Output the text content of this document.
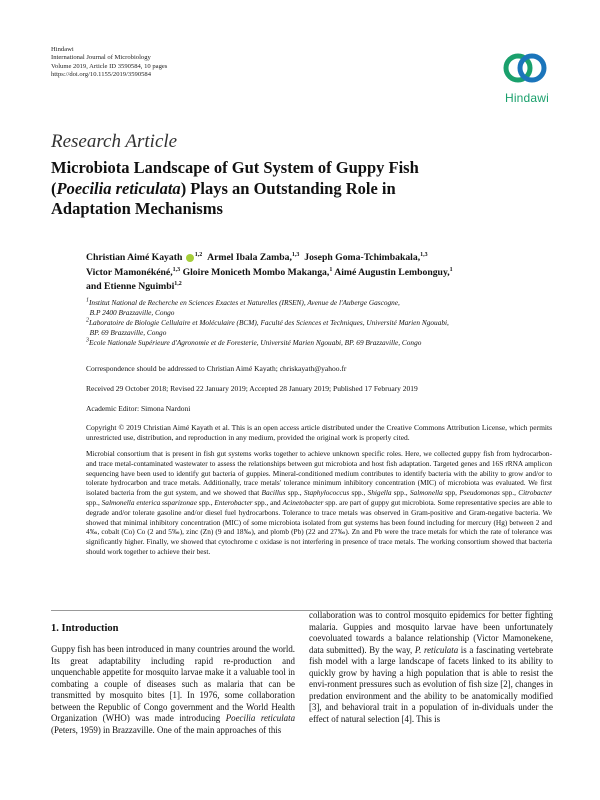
Hindawi
International Journal of Microbiology
Volume 2019, Article ID 3590584, 10 pages
https://doi.org/10.1155/2019/3590584
Hindawi
Research Article
Microbiota Landscape of Gut System of Guppy Fish
(Poecilia reticulata) Plays an Outstanding Role in
Adaptation Mechanisms
Christian Aimé Kayath $^{1,2}$ Armel Ibala Zamba,$^{1,3}$ Joseph Goma-Tchimbakala,$^{1,3}$
Victor Mamonékéné,$^{1,3}$ Gloire Moniceth Mombo Makanga,$^1$ Aimé Augustin Lembonguy,$^1$
and Etienne Nguimbi$^{1,2}$
$^1$Institut National de Recherche en Sciences Exactes et Naturelles (IRSEN), Avenue de l'Auberge Gascogne,
B.P 2400 Brazzaville, Congo
$^2$Laboratoire de Biologie Cellulaire et Moléculaire (BCM), Faculté des Sciences et Techniques, Université Marien Ngouabi,
BP. 69 Brazzaville, Congo
$^3$Ecole Nationale Supérieure d'Agronomie et de Foresterie, Université Marien Ngouabi, BP. 69 Brazzaville, Congo
Correspondence should be addressed to Christian Aimé Kayath; chriskayath@yahoo.fr
Received 29 October 2018; Revised 22 January 2019; Accepted 28 January 2019; Published 17 February 2019
Academic Editor: Simona Nardoni
Copyright © 2019 Christian Aimé Kayath et al. This is an open access article distributed under the Creative Commons Attribution License, which permits unrestricted use, distribution, and reproduction in any medium, provided the original work is properly cited.
Microbial consortium that is present in fish gut systems works together to achieve unknown specific roles. Here, we collected guppy fish from hydrocarbon- and trace metal-contaminated wastewater to assess the relationships between gut microbiota and host fish adaptation. Targeted genes and 16S rRNA amplicon sequencing have been used to identify gut bacteria of guppies. Mineral-conditioned medium contributes to identify bacteria with the ability to grow and/or to tolerate hydrocarbon and trace metals. Additionally, trace metals' tolerance minimum inhibitory concentration (MIC) of microbiota was evaluated. We first isolated bacteria from the gut system, and we showed that Bacillus spp., Staphylococcus spp., Shigella spp., Salmonella spp, Pseudomonas spp., Citrobacter spp., Salmonella enterica ssparizonae spp., Enterobacter spp., and Acinetobacter spp. are part of guppy gut microbiota. Some representative species are able to degrade and/or tolerate gasoline and/or diesel fuel hydrocarbons. Tolerance to trace metals was observed in Gram-positive and Gram-negative bacteria. We showed that minimal inhibitory concentration (MIC) of some microbiota isolated from gut systems has been found including for mercury (Hg) between 2 and 4‰, cobalt (Co) Co (2 and 5‰), zinc (Zn) (9 and 18‰), and plomb (Pb) (22 and 27‰). Zn and Pb were the trace metals for which the rate of tolerance was significantly higher. Finally, we showed that cytochrome c oxidase is not interfering in presence of trace metals. The working consortium showed that bacteria should work together to achieve their best.
1. Introduction
Guppy fish has been introduced in many countries around the world. Its great adaptability including rapid re-production and unquenchable appetite for mosquito larvae make it a valuable tool in combating a couple of diseases such as malaria that can be transmitted by mosquito bites [1]. In 1976, some collaboration between the Republic of Congo government and the World Health Organization (WHO) was made introducing Poecilia reticulata (Peters, 1959) in Brazzaville. One of the main approaches of this
collaboration was to control mosquito epidemics for better fighting malaria. Guppies and mosquito larvae have been unfortunately coevoluated towards a balance relationship (Victor Mamonekene, data submitted). By the way, P. reticulata is a fascinating vertebrate fish model with a large landscape of facets linked to its ability to quickly grow by having a high population that is able to resist the envi-ronment pressures such as evolution of fish size [2], changes in predation environment and the ability to be anatomically modified [3], and behavioral trait in a population of in-dividuals under the effect of natural selection [4]. This is
